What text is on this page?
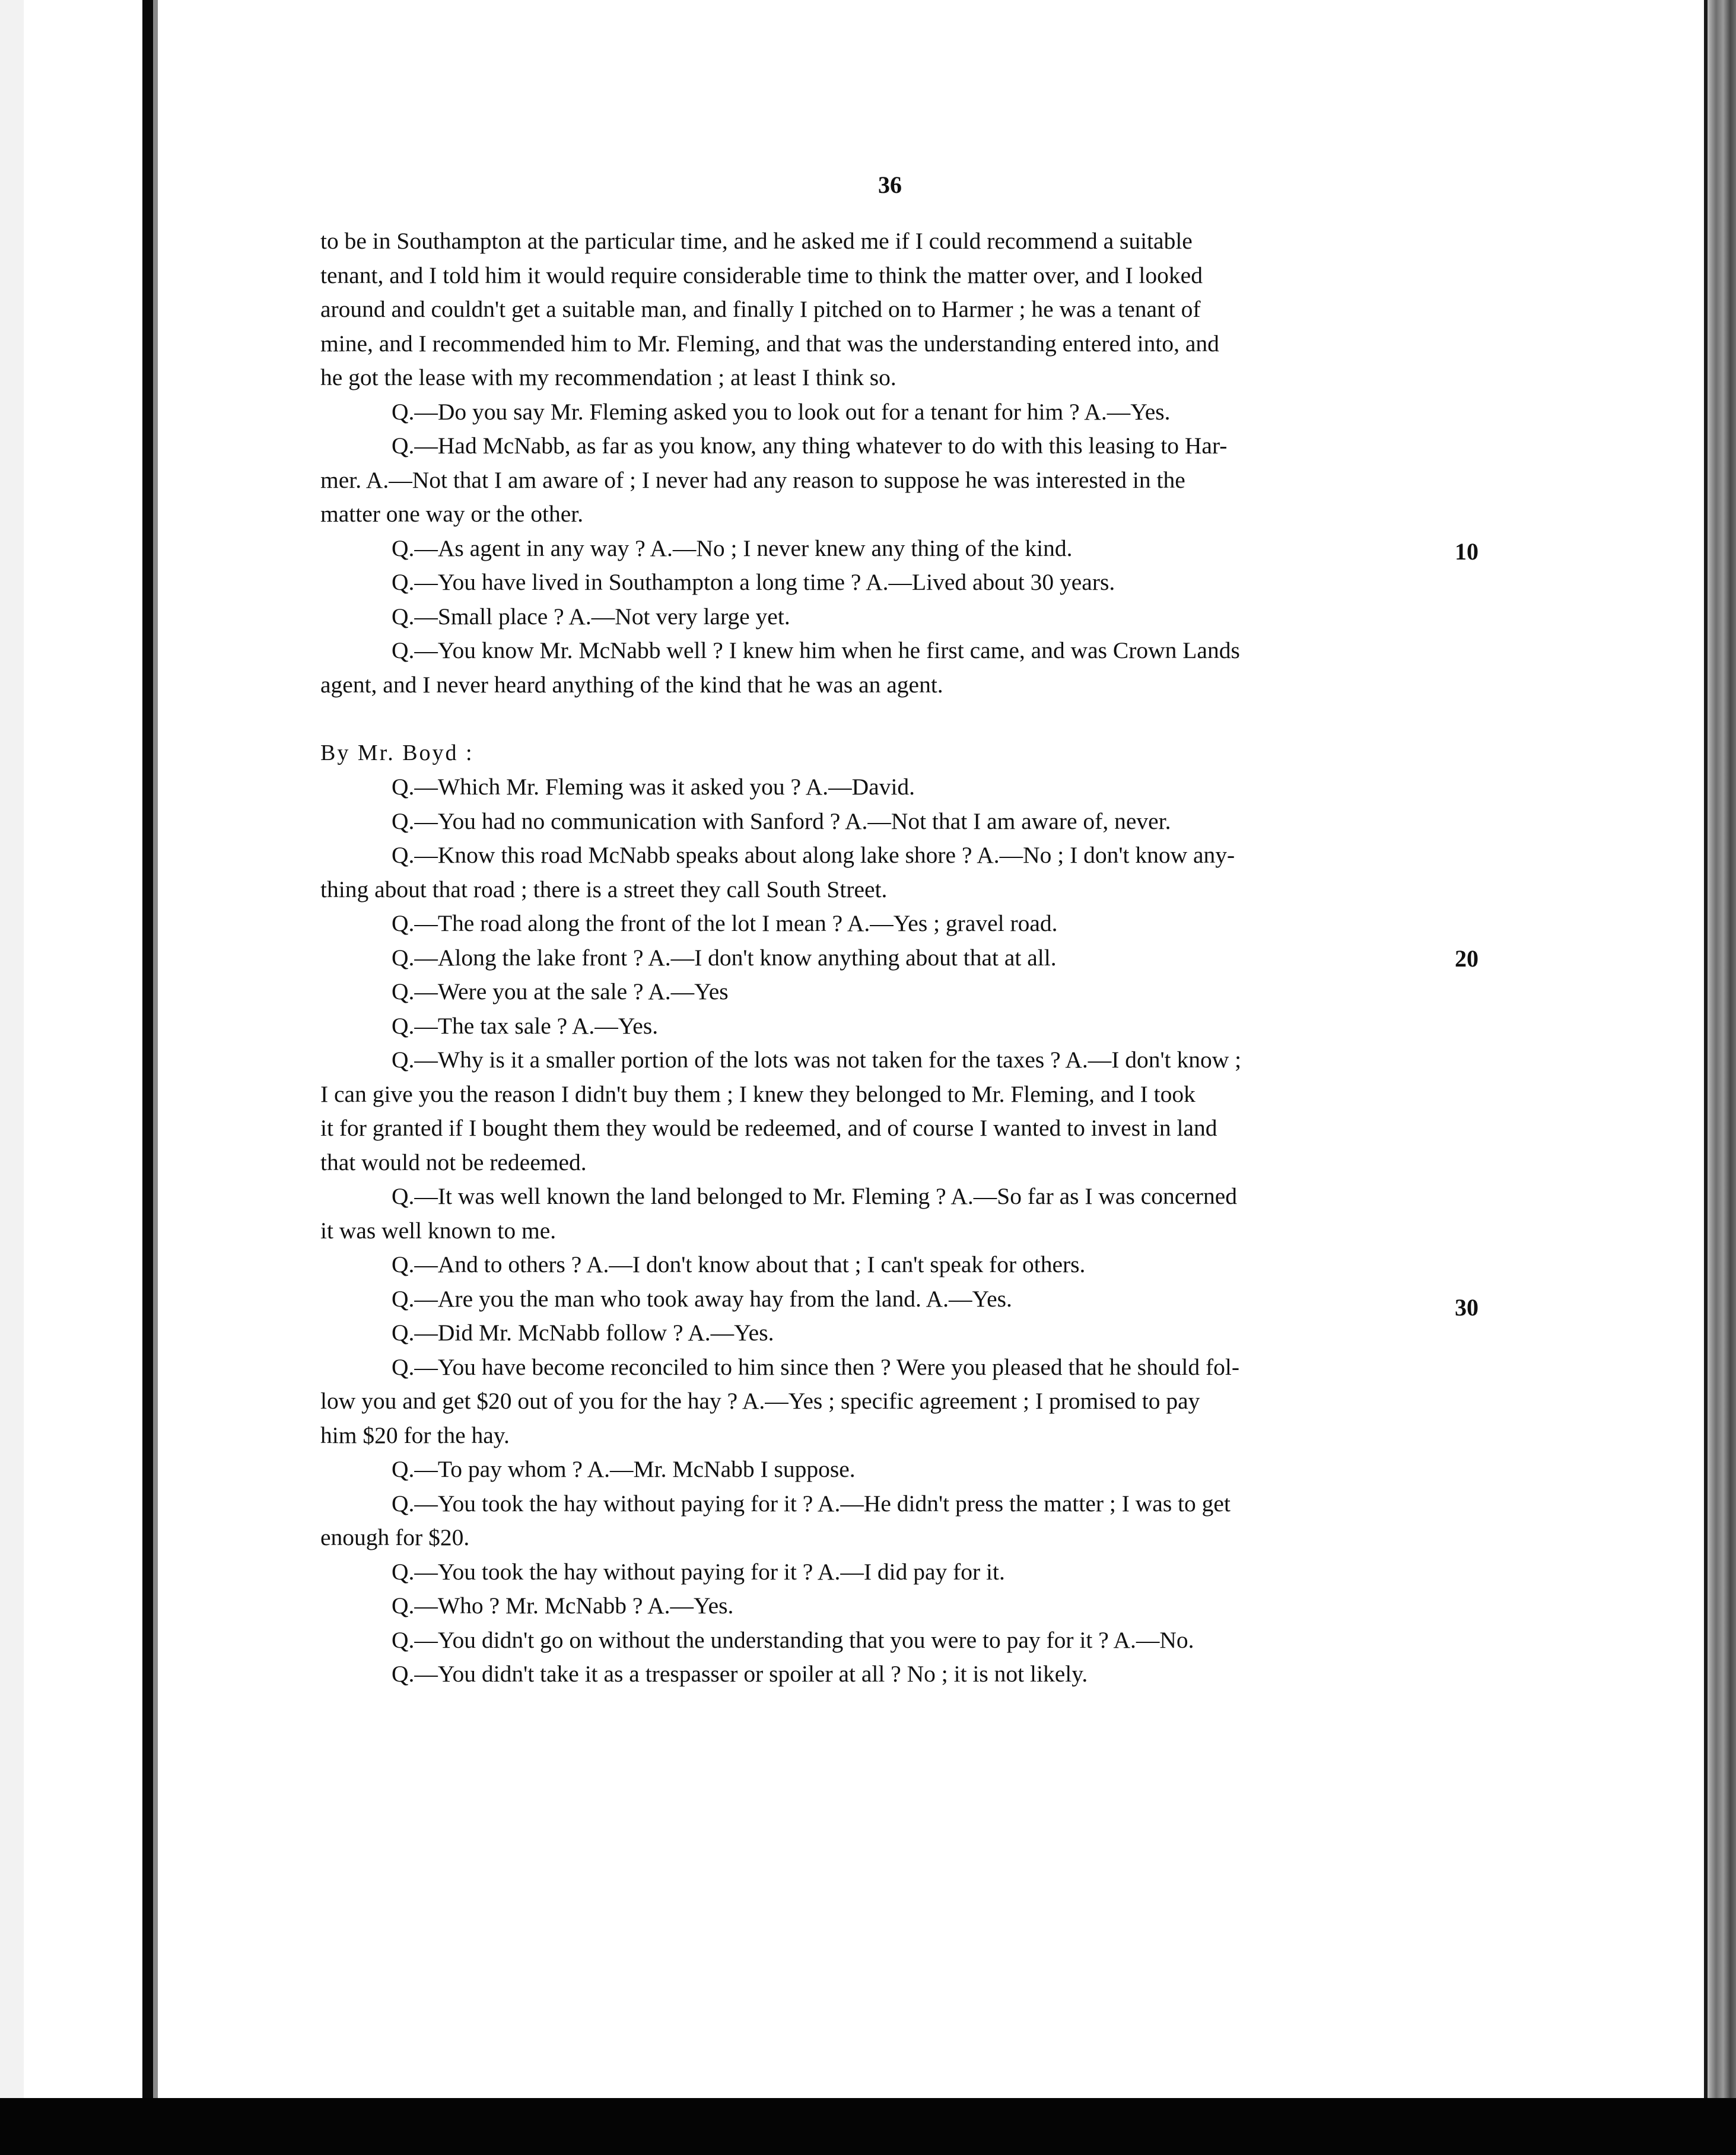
36

to be in Southampton at the particular time, and he asked me if I could recommend a suitable

tenant, and I told him it would require considerable time to think the matter over, and I looked

around and couldn't get a suitable man, and finally I pitched on to Harmer ; he was a tenant of

mine, and I recommended him to Mr. Fleming, and that was the understanding entered into, and

he got the lease with my recommendation ; at least I think so.

Q.—Do you say Mr. Fleming asked you to look out for a tenant for him ? A.—Yes.

Q.—Had McNabb, as far as you know, any thing whatever to do with this leasing to Har-

mer. A.—Not that I am aware of ; I never had any reason to suppose he was interested in the

matter one way or the other.

Q.—As agent in any way ? A.—No ; I never knew any thing of the kind.

Q.—You have lived in Southampton a long time ? A.—Lived about 30 years.

Q.—Small place ? A.—Not very large yet.

Q.—You know Mr. McNabb well ? I knew him when he first came, and was Crown Lands

agent, and I never heard anything of the kind that he was an agent.

By Mr. Boyd :

Q.—Which Mr. Fleming was it asked you ? A.—David.

Q.—You had no communication with Sanford ? A.—Not that I am aware of, never.

Q.—Know this road McNabb speaks about along lake shore ? A.—No ; I don't know any-

thing about that road ; there is a street they call South Street.

Q.—The road along the front of the lot I mean ? A.—Yes ; gravel road.

Q.—Along the lake front ? A.—I don't know anything about that at all.

Q.—Were you at the sale ? A.—Yes

Q.—The tax sale ? A.—Yes.

Q.—Why is it a smaller portion of the lots was not taken for the taxes ? A.—I don't know ;

I can give you the reason I didn't buy them ; I knew they belonged to Mr. Fleming, and I took

it for granted if I bought them they would be redeemed, and of course I wanted to invest in land

that would not be redeemed.

Q.—It was well known the land belonged to Mr. Fleming ? A.—So far as I was concerned

it was well known to me.

Q.—And to others ? A.—I don't know about that ; I can't speak for others.

Q.—Are you the man who took away hay from the land. A.—Yes.

Q.—Did Mr. McNabb follow ? A.—Yes.

Q.—You have become reconciled to him since then ? Were you pleased that he should fol-

low you and get $20 out of you for the hay ? A.—Yes ; specific agreement ; I promised to pay

him $20 for the hay.

Q.—To pay whom ? A.—Mr. McNabb I suppose.

Q.—You took the hay without paying for it ? A.—He didn't press the matter ; I was to get

enough for $20.

Q.—You took the hay without paying for it ? A.—I did pay for it.

Q.—Who ? Mr. McNabb ? A.—Yes.

Q.—You didn't go on without the understanding that you were to pay for it ? A.—No.

Q.—You didn't take it as a trespasser or spoiler at all ? No ; it is not likely.

10

20

30
